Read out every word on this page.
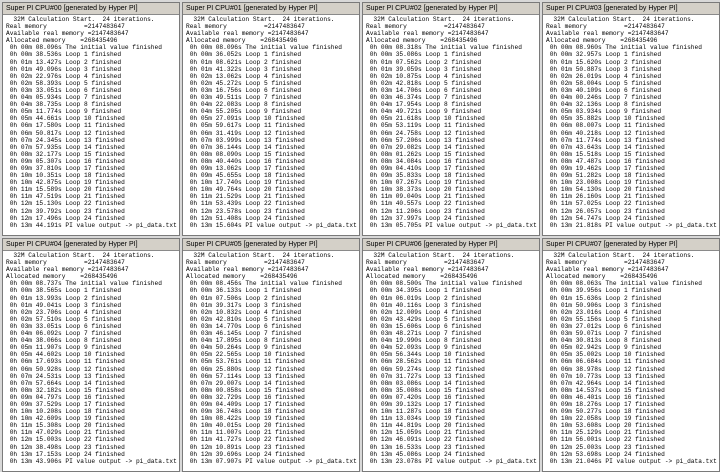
Super PI CPU#00 [generated by Hyper PI]
32M Calculation Start.  24 iterations.
Real memory          =2147483647
Available real memory =2147483647
Allocated memory    =268435496
0h 00m 08.096s The initial value finished
0h 00m 38.536s Loop 1 finished
0h 01m 13.427s Loop 2 finished
0h 01m 49.096s Loop 3 finished
0h 02m 22.976s Loop 4 finished
0h 02m 58.393s Loop 5 finished
0h 03m 33.051s Loop 6 finished
0h 04m 05.934s Loop 7 finished
0h 04m 38.735s Loop 8 finished
0h 05m 11.774s Loop 9 finished
0h 05m 44.661s Loop 10 finished
0h 06m 17.580s Loop 11 finished
0h 06m 50.817s Loop 12 finished
0h 07m 24.345s Loop 13 finished
0h 07m 57.935s Loop 14 finished
0h 08m 32.177s Loop 15 finished
0h 09m 05.307s Loop 16 finished
0h 09m 37.810s Loop 17 finished
0h 10m 10.351s Loop 18 finished
0h 10m 42.875s Loop 19 finished
0h 11m 15.589s Loop 20 finished
0h 11m 47.519s Loop 21 finished
0h 12m 15.130s Loop 22 finished
0h 12m 39.792s Loop 23 finished
0h 12m 17.496s Loop 24 finished
0h 13m 44.191s PI value output -> pi_data.txt
Super PI CPU#01 [generated by Hyper PI]
32M Calculation Start.  24 iterations.
Real memory          =2147483647
Available real memory =2147483647
Allocated memory    =268435496
0h 00m 08.096s The initial value finished
0h 00m 36.052s Loop 1 finished
0h 01m 08.621s Loop 2 finished
0h 01m 41.322s Loop 3 finished
0h 02m 13.062s Loop 4 finished
0h 02m 45.272s Loop 5 finished
0h 03m 16.756s Loop 6 finished
0h 03m 49.511s Loop 7 finished
0h 04m 22.083s Loop 8 finished
0h 04m 55.205s Loop 9 finished
0h 05m 27.091s Loop 10 finished
0h 05m 59.617s Loop 11 finished
0h 06m 31.419s Loop 12 finished
0h 07m 03.999s Loop 13 finished
0h 07m 36.144s Loop 14 finished
0h 08m 08.090s Loop 15 finished
0h 08m 40.440s Loop 16 finished
0h 09m 13.062s Loop 17 finished
0h 09m 45.655s Loop 18 finished
0h 10m 17.740s Loop 19 finished
0h 10m 49.764s Loop 20 finished
0h 11m 21.529s Loop 21 finished
0h 11m 53.439s Loop 22 finished
0h 12m 23.578s Loop 23 finished
0h 12m 51.408s Loop 24 finished
0h 13m 15.604s PI value output -> pi_data.txt
Super PI CPU#02 [generated by Hyper PI]
32M Calculation Start.  24 iterations.
Real memory          =2147483647
Available real memory =2147483647
Allocated memory    =268435496
0h 00m 08.318s The initial value finished
0h 00m 35.086s Loop 1 finished
0h 01m 07.562s Loop 2 finished
0h 01m 39.059s Loop 3 finished
0h 02m 10.875s Loop 4 finished
0h 02m 42.818s Loop 5 finished
0h 03m 14.706s Loop 6 finished
0h 03m 46.374s Loop 7 finished
0h 04m 17.954s Loop 8 finished
0h 04m 49.721s Loop 9 finished
0h 05m 21.618s Loop 10 finished
0h 05m 53.119s Loop 11 finished
0h 06m 24.758s Loop 12 finished
0h 06m 57.206s Loop 13 finished
0h 07m 29.082s Loop 14 finished
0h 08m 01.262s Loop 15 finished
0h 08m 34.084s Loop 16 finished
0h 09m 04.410s Loop 17 finished
0h 09m 35.833s Loop 18 finished
0h 10m 07.267s Loop 19 finished
0h 10m 38.373s Loop 20 finished
0h 11m 09.040s Loop 21 finished
0h 11m 40.557s Loop 22 finished
0h 12m 11.206s Loop 23 finished
0h 12m 37.997s Loop 24 finished
0h 13m 05.705s PI value output -> pi_data.txt
Super PI CPU#03 [generated by Hyper PI]
32M Calculation Start.  24 iterations.
Real memory          =2147483647
Available real memory =2147483647
Allocated memory    =268435496
0h 00m 08.960s The initial value finished
0h 00m 32.957s Loop 1 finished
0h 01m 15.620s Loop 2 finished
0h 01m 50.887s Loop 3 finished
0h 02m 26.019s Loop 4 finished
0h 02m 58.004s Loop 5 finished
0h 03m 40.109s Loop 6 finished
0h 04m 00.246s Loop 7 finished
0h 04m 32.136s Loop 8 finished
0h 05m 03.934s Loop 9 finished
0h 05m 35.882s Loop 10 finished
0h 06m 08.007s Loop 11 finished
0h 06m 40.218s Loop 12 finished
0h 07m 11.774s Loop 13 finished
0h 07m 43.643s Loop 14 finished
0h 08m 15.518s Loop 15 finished
0h 08m 47.487s Loop 16 finished
0h 09m 19.462s Loop 17 finished
0h 09m 51.282s Loop 18 finished
0h 10m 23.008s Loop 19 finished
0h 10m 54.130s Loop 20 finished
0h 11m 26.160s Loop 21 finished
0h 11m 57.025s Loop 22 finished
0h 12m 26.057s Loop 23 finished
0h 12m 54.747s Loop 24 finished
0h 13m 21.818s PI value output -> pi_data.txt
Super PI CPU#04 [generated by Hyper PI]
32M Calculation Start.  24 iterations.
Real memory          =2147483647
Available real memory =2147483647
Allocated memory    =268435496
0h 00m 08.737s The initial value finished
0h 00m 38.565s Loop 1 finished
0h 01m 13.993s Loop 2 finished
0h 01m 49.041s Loop 3 finished
0h 02m 23.706s Loop 4 finished
0h 02m 57.510s Loop 5 finished
0h 03m 33.051s Loop 6 finished
0h 04m 06.092s Loop 7 finished
0h 04m 38.066s Loop 8 finished
0h 05m 11.907s Loop 9 finished
0h 05m 44.602s Loop 10 finished
0h 06m 17.693s Loop 11 finished
0h 06m 50.928s Loop 12 finished
0h 07m 24.531s Loop 13 finished
0h 07m 57.664s Loop 14 finished
0h 08m 32.182s Loop 15 finished
0h 09m 04.797s Loop 16 finished
0h 09m 37.529s Loop 17 finished
0h 10m 10.208s Loop 18 finished
0h 10m 42.609s Loop 19 finished
0h 11m 15.308s Loop 20 finished
0h 11m 47.029s Loop 21 finished
0h 12m 15.003s Loop 22 finished
0h 12m 38.498s Loop 23 finished
0h 13m 17.153s Loop 24 finished
0h 13m 43.906s PI value output -> pi_data.txt
Super PI CPU#05 [generated by Hyper PI]
32M Calculation Start.  24 iterations.
Real memory          =2147483647
Available real memory =2147483647
Allocated memory    =268435496
0h 00m 08.456s The initial value finished
0h 00m 36.133s Loop 1 finished
0h 01m 07.506s Loop 2 finished
0h 01m 39.317s Loop 3 finished
0h 02m 10.832s Loop 4 finished
0h 02m 42.810s Loop 5 finished
0h 03m 14.770s Loop 6 finished
0h 03m 46.145s Loop 7 finished
0h 04m 17.895s Loop 8 finished
0h 04m 50.264s Loop 9 finished
0h 05m 22.565s Loop 10 finished
0h 05m 53.761s Loop 11 finished
0h 06m 25.880s Loop 12 finished
0h 06m 57.114s Loop 13 finished
0h 07m 29.007s Loop 14 finished
0h 08m 00.858s Loop 15 finished
0h 08m 32.729s Loop 16 finished
0h 09m 04.409s Loop 17 finished
0h 09m 36.748s Loop 18 finished
0h 10m 08.422s Loop 19 finished
0h 10m 40.015s Loop 20 finished
0h 11m 11.007s Loop 21 finished
0h 11m 41.727s Loop 22 finished
0h 12m 10.891s Loop 23 finished
0h 12m 39.696s Loop 24 finished
0h 13m 07.907s PI value output -> pi_data.txt
Super PI CPU#06 [generated by Hyper PI]
32M Calculation Start.  24 iterations.
Real memory          =2147483647
Available real memory =2147483647
Allocated memory    =268435496
0h 00m 08.500s The initial value finished
0h 00m 34.395s Loop 1 finished
0h 01m 06.019s Loop 2 finished
0h 01m 40.116s Loop 3 finished
0h 02m 12.009s Loop 4 finished
0h 02m 43.429s Loop 5 finished
0h 03m 15.606s Loop 6 finished
0h 03m 48.271s Loop 7 finished
0h 04m 19.990s Loop 8 finished
0h 04m 52.093s Loop 9 finished
0h 05m 56.344s Loop 10 finished
0h 06m 28.562s Loop 11 finished
0h 06m 59.274s Loop 12 finished
0h 07m 31.727s Loop 13 finished
0h 08m 03.086s Loop 14 finished
0h 08m 35.008s Loop 15 finished
0h 09m 07.420s Loop 16 finished
0h 09m 39.132s Loop 17 finished
0h 10m 11.287s Loop 18 finished
0h 11m 13.034s Loop 19 finished
0h 11m 44.819s Loop 20 finished
0h 12m 15.059s Loop 21 finished
0h 12m 46.091s Loop 22 finished
0h 13m 16.533s Loop 23 finished
0h 13m 45.086s Loop 24 finished
0h 13m 23.078s PI value output -> pi_data.txt
Super PI CPU#07 [generated by Hyper PI]
32M Calculation Start.  24 iterations.
Real memory          =2147483647
Available real memory =2147483647
Allocated memory    =268435496
0h 00m 08.063s The initial value finished
0h 00m 39.956s Loop 1 finished
0h 01m 15.636s Loop 2 finished
0h 01m 50.906s Loop 3 finished
0h 02m 23.016s Loop 4 finished
0h 02m 55.156s Loop 5 finished
0h 03m 27.012s Loop 6 finished
0h 03m 59.071s Loop 7 finished
0h 04m 30.813s Loop 8 finished
0h 05m 02.942s Loop 9 finished
0h 05m 35.002s Loop 10 finished
0h 06m 06.684s Loop 11 finished
0h 06m 38.978s Loop 12 finished
0h 07m 10.773s Loop 13 finished
0h 07m 42.964s Loop 14 finished
0h 08m 14.537s Loop 15 finished
0h 08m 46.401s Loop 16 finished
0h 09m 18.276s Loop 17 finished
0h 09m 50.277s Loop 18 finished
0h 10m 22.058s Loop 19 finished
0h 10m 53.608s Loop 20 finished
0h 11m 25.129s Loop 21 finished
0h 11m 56.001s Loop 22 finished
0h 12m 25.003s Loop 23 finished
0h 12m 53.698s Loop 24 finished
0h 13m 21.046s PI value output -> pi_data.txt
